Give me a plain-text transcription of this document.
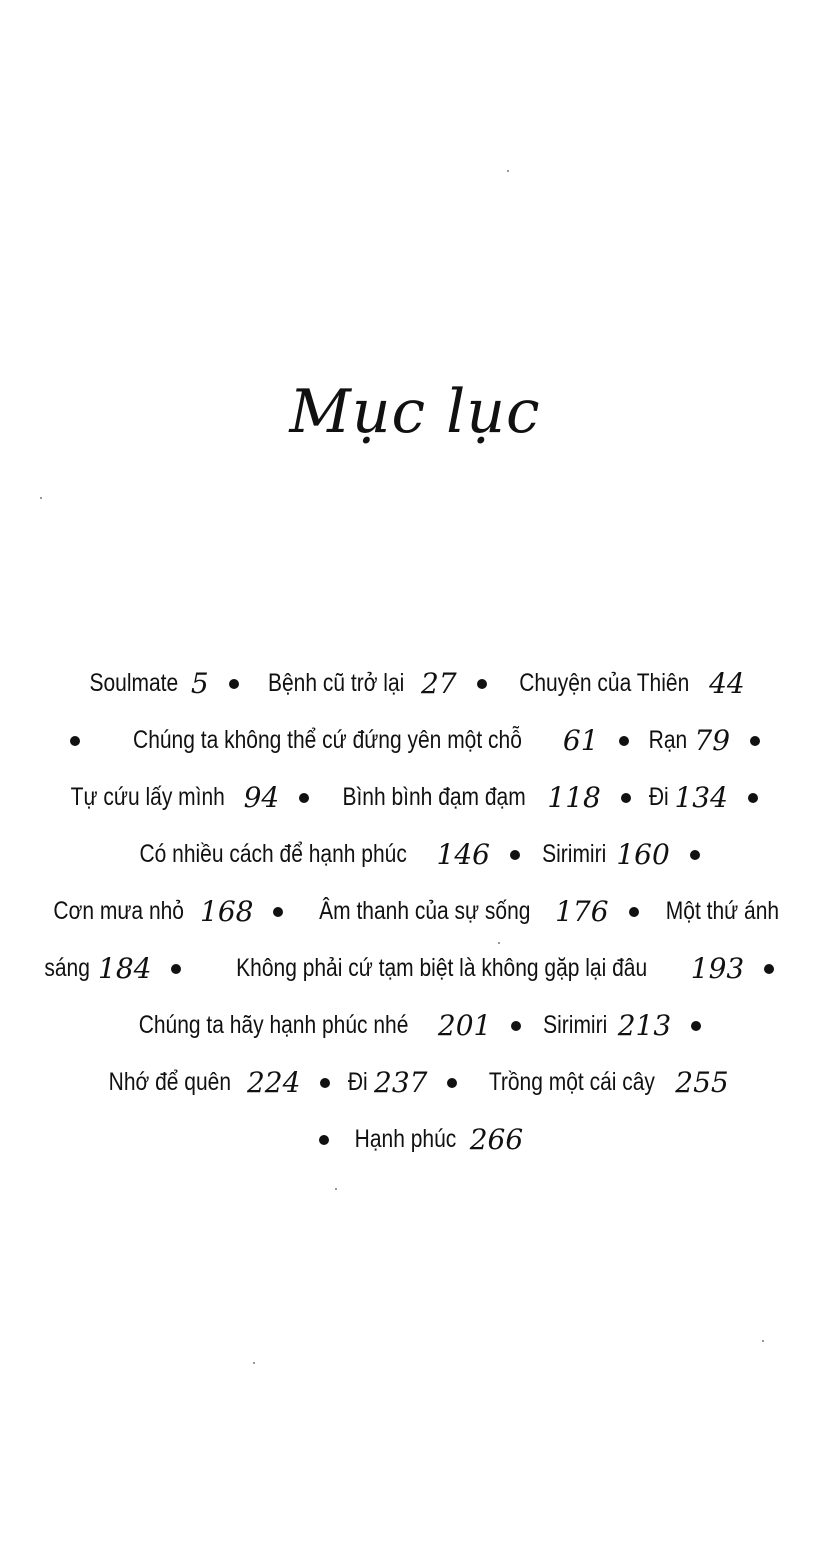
Mục lục
Soulmate 5 Bệnh cũ trở lại 27 Chuyện của Thiên 44
Chúng ta không thể cứ đứng yên một chỗ 61 Rạn 79
Tự cứu lấy mình 94	Bình bình đạm đạm 118 Đi 134
Có nhiều cách để hạnh phúc 146 Sirimiri 160
Cơn mưa nhỏ 168	Âm thanh của sự sống 176 Một thứ ánh
sáng 184	Không phải cứ tạm biệt là không gặp lại đâu 193
Chúng ta hãy hạnh phúc nhé 201 Sirimiri 213
Nhớ để quên 224 Đi 237 Trồng một cái cây 255
Hạnh phúc 266
